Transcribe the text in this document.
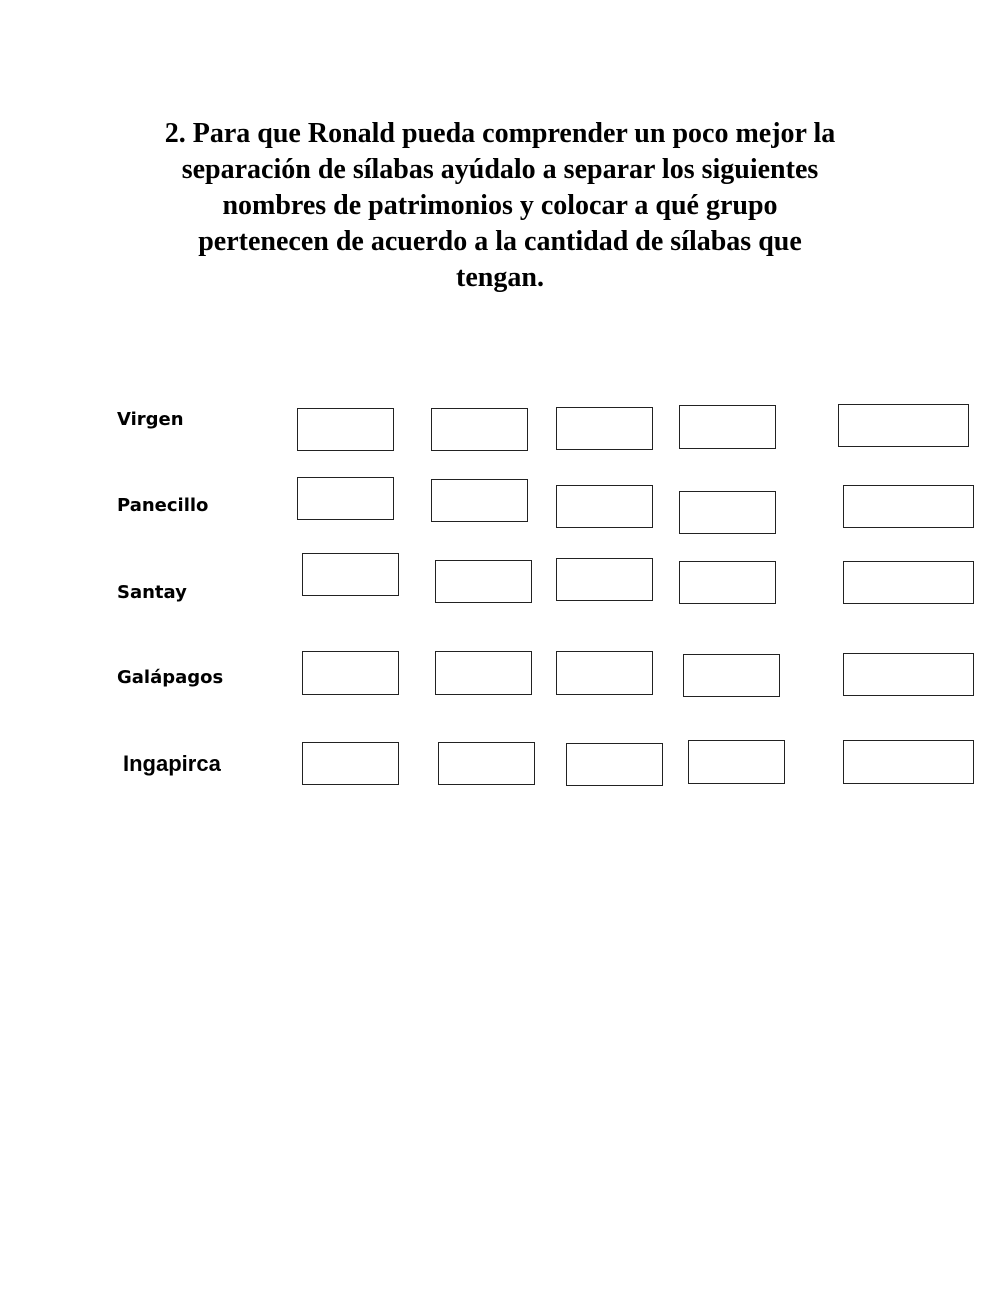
2. Para que Ronald pueda comprender un poco mejor la
separación de sílabas ayúdalo a separar los siguientes
nombres de patrimonios y colocar a qué grupo
pertenecen de acuerdo a la cantidad de sílabas que
tengan.
Virgen
Panecillo
Santay
Galápagos
Ingapirca
